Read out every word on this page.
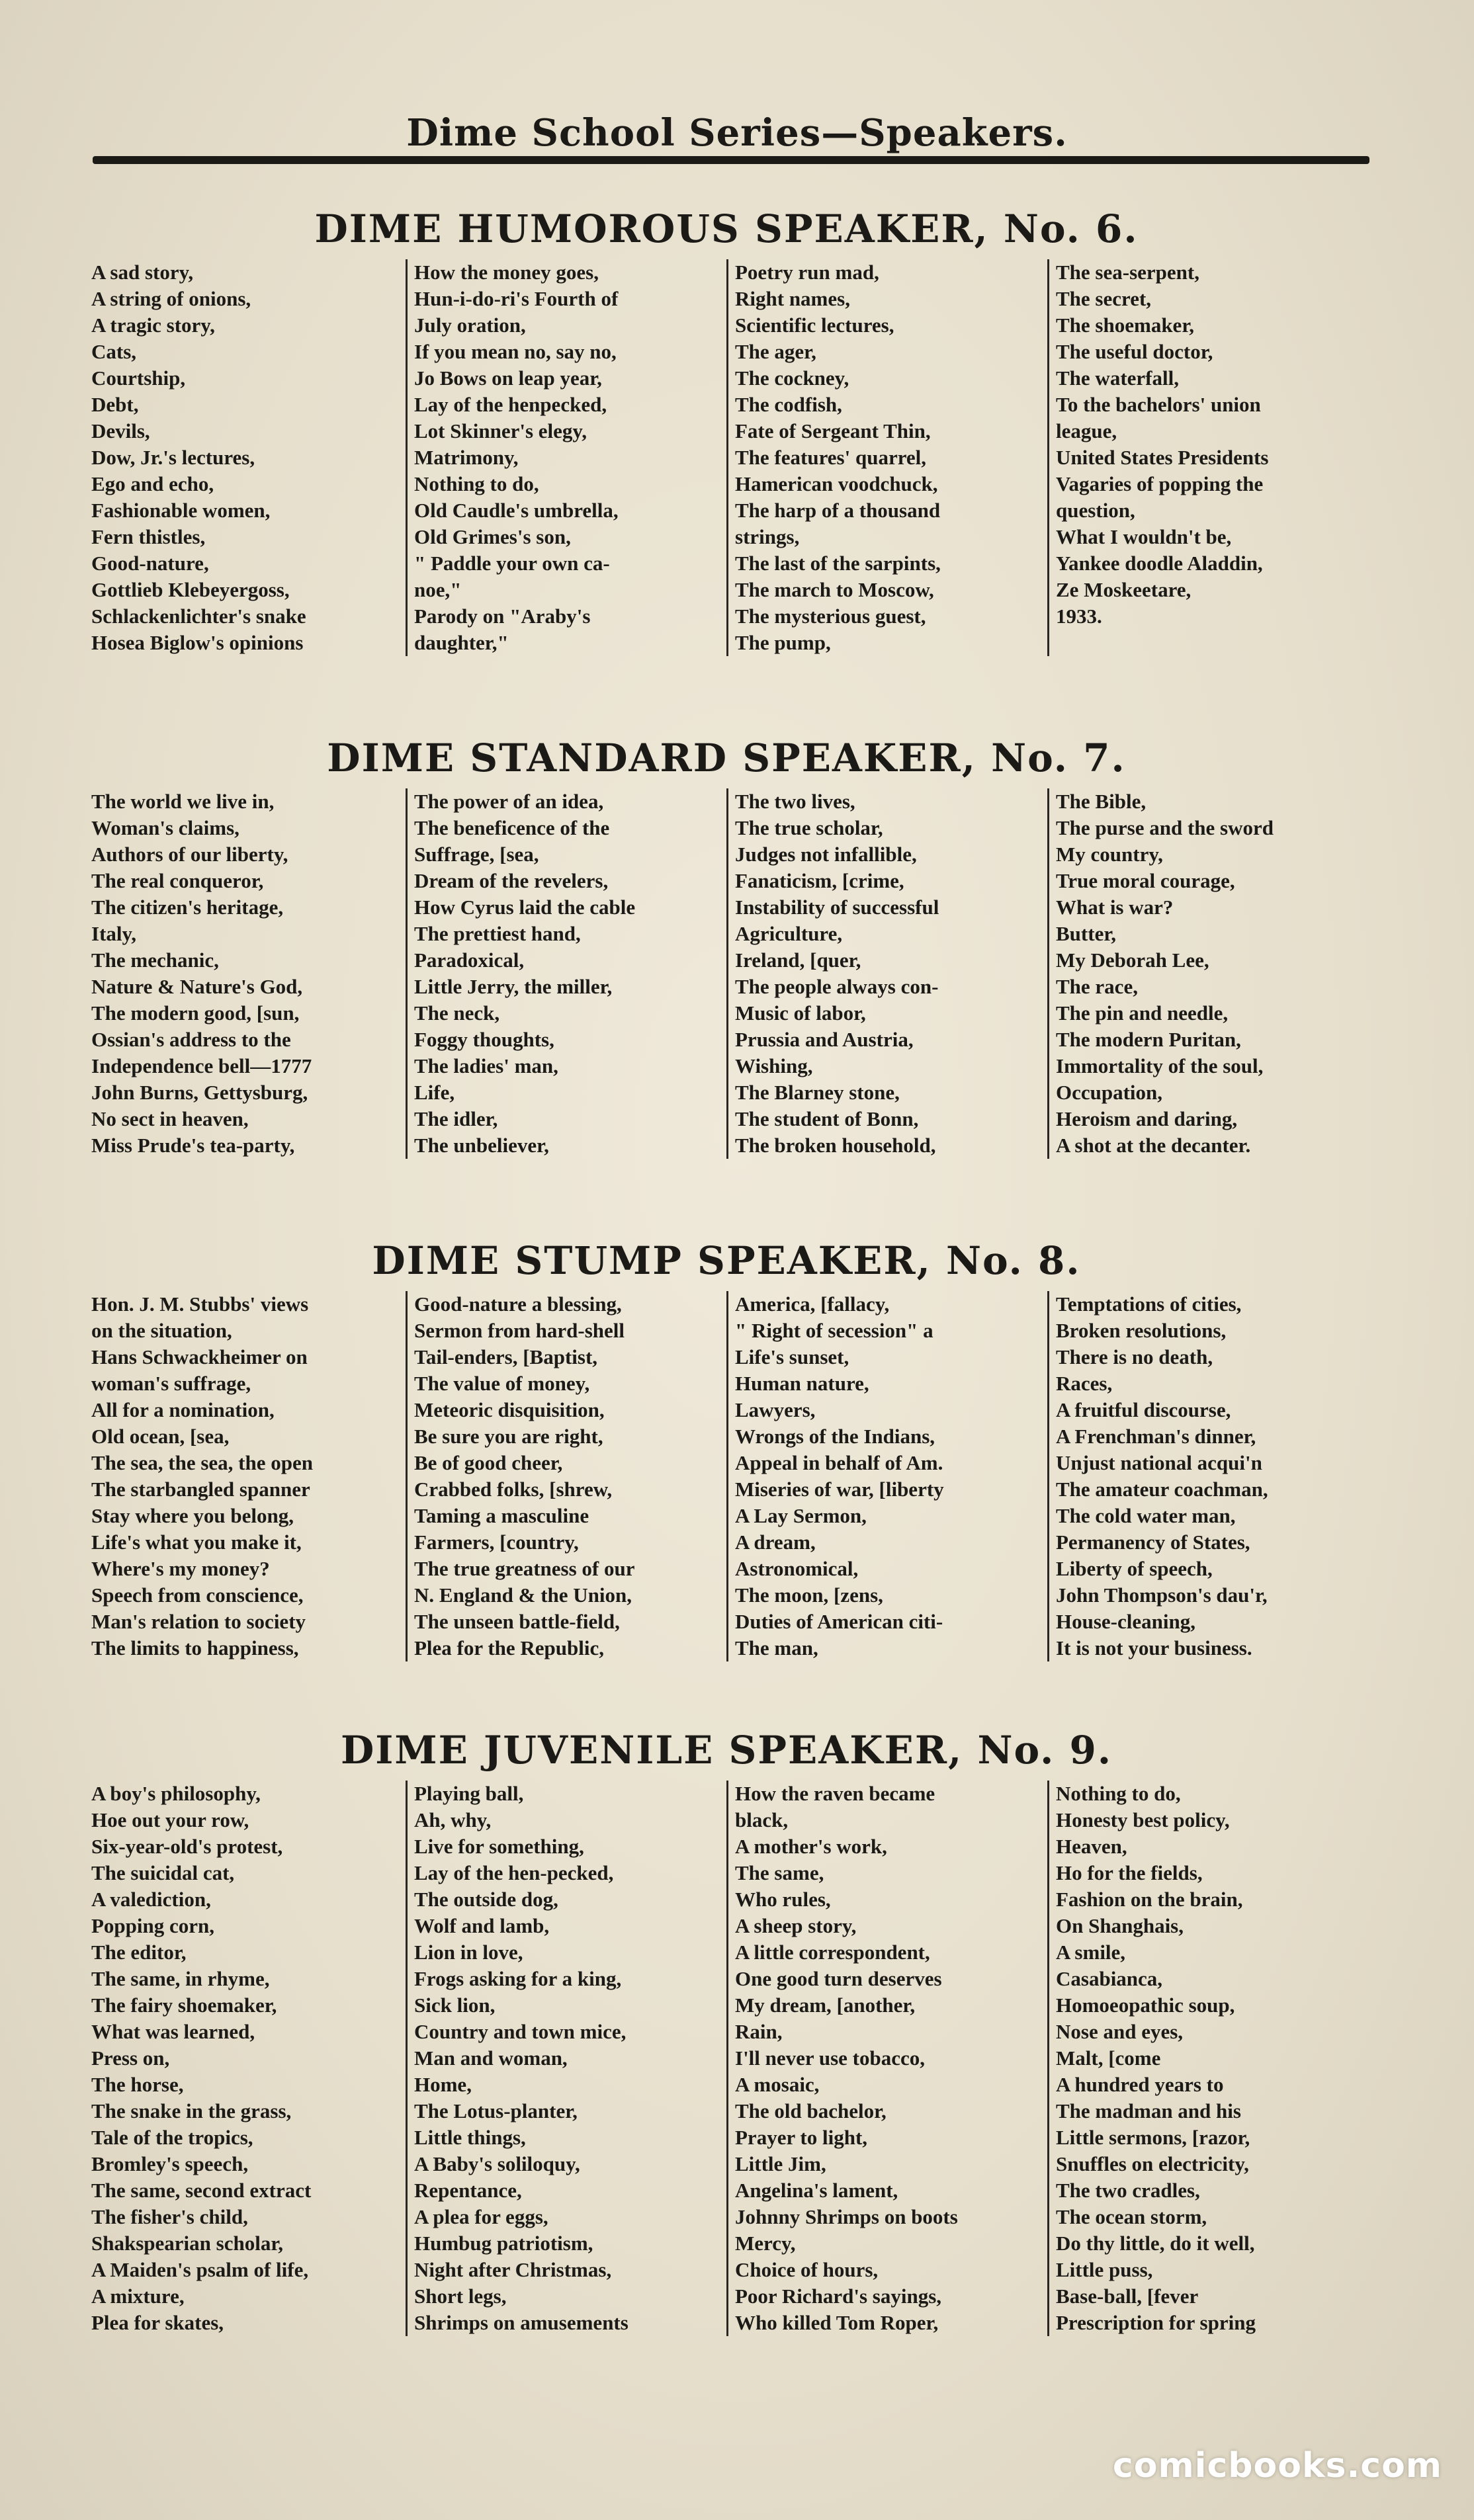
Dime School Series—Speakers.
DIME HUMOROUS SPEAKER, No. 6.
A sad story,
A string of onions,
A tragic story,
Cats,
Courtship,
Debt,
Devils,
Dow, Jr.'s lectures,
Ego and echo,
Fashionable women,
Fern thistles,
Good-nature,
Gottlieb Klebeyergoss,
Schlackenlichter's snake
Hosea Biglow's opinions
How the money goes,
Hun-i-do-ri's Fourth of
July oration,
If you mean no, say no,
Jo Bows on leap year,
Lay of the henpecked,
Lot Skinner's elegy,
Matrimony,
Nothing to do,
Old Caudle's umbrella,
Old Grimes's son,
" Paddle your own ca-
noe,"
Parody on "Araby's
daughter,"
Poetry run mad,
Right names,
Scientific lectures,
The ager,
The cockney,
The codfish,
Fate of Sergeant Thin,
The features' quarrel,
Hamerican voodchuck,
The harp of a thousand
strings,
The last of the sarpints,
The march to Moscow,
The mysterious guest,
The pump,
The sea-serpent,
The secret,
The shoemaker,
The useful doctor,
The waterfall,
To the bachelors' union
league,
United States Presidents
Vagaries of popping the
question,
What I wouldn't be,
Yankee doodle Aladdin,
Ze Moskeetare,
1933.
DIME STANDARD SPEAKER, No. 7.
The world we live in,
Woman's claims,
Authors of our liberty,
The real conqueror,
The citizen's heritage,
Italy,
The mechanic,
Nature & Nature's God,
The modern good, [sun,
Ossian's address to the
Independence bell—1777
John Burns, Gettysburg,
No sect in heaven,
Miss Prude's tea-party,
The power of an idea,
The beneficence of the
Suffrage, [sea,
Dream of the revelers,
How Cyrus laid the cable
The prettiest hand,
Paradoxical,
Little Jerry, the miller,
The neck,
Foggy thoughts,
The ladies' man,
Life,
The idler,
The unbeliever,
The two lives,
The true scholar,
Judges not infallible,
Fanaticism, [crime,
Instability of successful
Agriculture,
Ireland, [quer,
The people always con-
Music of labor,
Prussia and Austria,
Wishing,
The Blarney stone,
The student of Bonn,
The broken household,
The Bible,
The purse and the sword
My country,
True moral courage,
What is war?
Butter,
My Deborah Lee,
The race,
The pin and needle,
The modern Puritan,
Immortality of the soul,
Occupation,
Heroism and daring,
A shot at the decanter.
DIME STUMP SPEAKER, No. 8.
Hon. J. M. Stubbs' views
on the situation,
Hans Schwackheimer on
woman's suffrage,
All for a nomination,
Old ocean, [sea,
The sea, the sea, the open
The starbangled spanner
Stay where you belong,
Life's what you make it,
Where's my money?
Speech from conscience,
Man's relation to society
The limits to happiness,
Good-nature a blessing,
Sermon from hard-shell
Tail-enders, [Baptist,
The value of money,
Meteoric disquisition,
Be sure you are right,
Be of good cheer,
Crabbed folks, [shrew,
Taming a masculine
Farmers, [country,
The true greatness of our
N. England & the Union,
The unseen battle-field,
Plea for the Republic,
America, [fallacy,
" Right of secession" a
Life's sunset,
Human nature,
Lawyers,
Wrongs of the Indians,
Appeal in behalf of Am.
Miseries of war, [liberty
A Lay Sermon,
A dream,
Astronomical,
The moon, [zens,
Duties of American citi-
The man,
Temptations of cities,
Broken resolutions,
There is no death,
Races,
A fruitful discourse,
A Frenchman's dinner,
Unjust national acqui'n
The amateur coachman,
The cold water man,
Permanency of States,
Liberty of speech,
John Thompson's dau'r,
House-cleaning,
It is not your business.
DIME JUVENILE SPEAKER, No. 9.
A boy's philosophy,
Hoe out your row,
Six-year-old's protest,
The suicidal cat,
A valediction,
Popping corn,
The editor,
The same, in rhyme,
The fairy shoemaker,
What was learned,
Press on,
The horse,
The snake in the grass,
Tale of the tropics,
Bromley's speech,
The same, second extract
The fisher's child,
Shakspearian scholar,
A Maiden's psalm of life,
A mixture,
Plea for skates,
Playing ball,
Ah, why,
Live for something,
Lay of the hen-pecked,
The outside dog,
Wolf and lamb,
Lion in love,
Frogs asking for a king,
Sick lion,
Country and town mice,
Man and woman,
Home,
The Lotus-planter,
Little things,
A Baby's soliloquy,
Repentance,
A plea for eggs,
Humbug patriotism,
Night after Christmas,
Short legs,
Shrimps on amusements
How the raven became
black,
A mother's work,
The same,
Who rules,
A sheep story,
A little correspondent,
One good turn deserves
My dream, [another,
Rain,
I'll never use tobacco,
A mosaic,
The old bachelor,
Prayer to light,
Little Jim,
Angelina's lament,
Johnny Shrimps on boots
Mercy,
Choice of hours,
Poor Richard's sayings,
Who killed Tom Roper,
Nothing to do,
Honesty best policy,
Heaven,
Ho for the fields,
Fashion on the brain,
On Shanghais,
A smile,
Casabianca,
Homoeopathic soup,
Nose and eyes,
Malt, [come
A hundred years to
The madman and his
Little sermons, [razor,
Snuffles on electricity,
The two cradles,
The ocean storm,
Do thy little, do it well,
Little puss,
Base-ball, [fever
Prescription for spring
comicbooks.com
